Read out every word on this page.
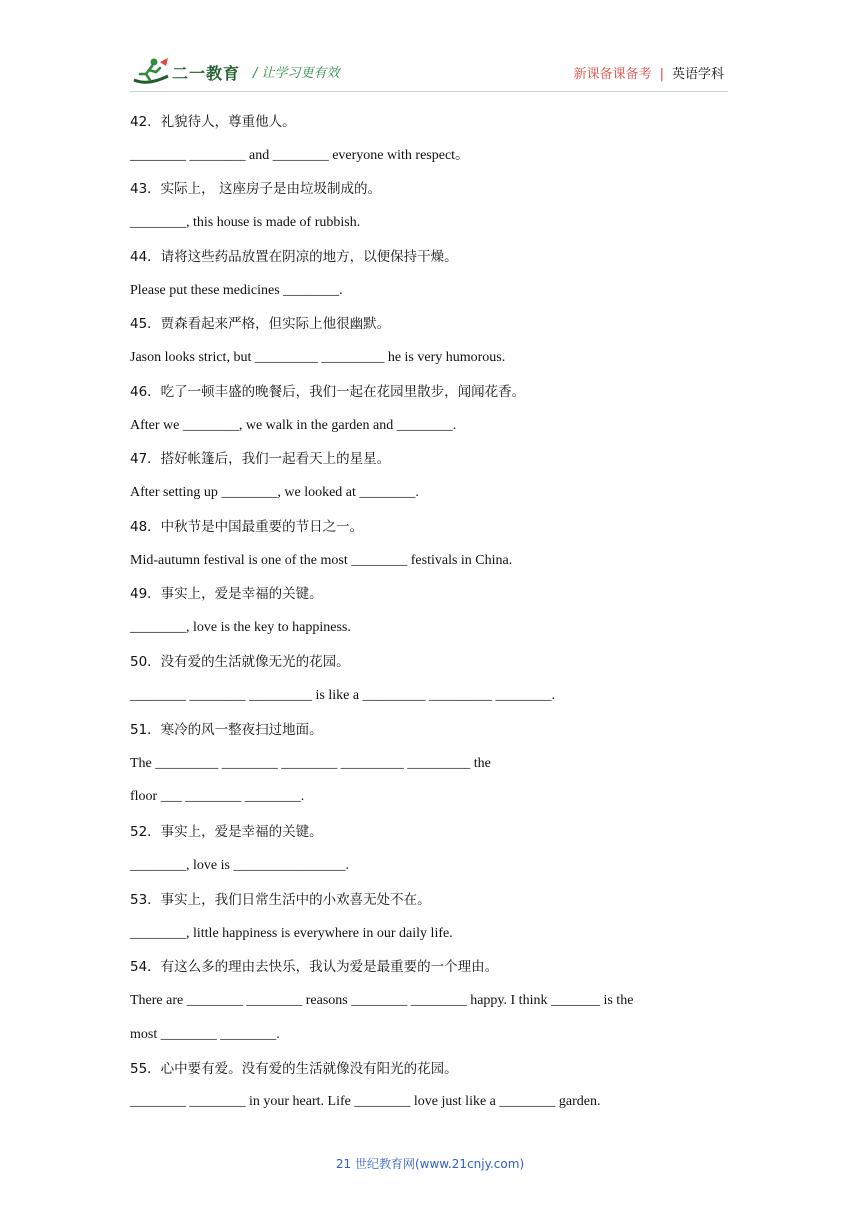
二一教育 / 让学习更有效	新课备课备考 | 英语学科
42．礼貌待人，尊重他人。
________ ________ and ________ everyone with respect。
43．实际上， 这座房子是由垃圾制成的。
________, this house is made of rubbish.
44．请将这些药品放置在阴凉的地方，以便保持干燥。
Please put these medicines ________.
45．贾森看起来严格，但实际上他很幽默。
Jason looks strict, but _________ _________ he is very humorous.
46．吃了一顿丰盛的晚餐后，我们一起在花园里散步，闻闻花香。
After we ________, we walk in the garden and ________.
47．搭好帐篷后，我们一起看天上的星星。
After setting up ________, we looked at ________.
48．中秋节是中国最重要的节日之一。
Mid-autumn festival is one of the most ________ festivals in China.
49．事实上，爱是幸福的关键。
________, love is the key to happiness.
50．没有爱的生活就像无光的花园。
________ ________ _________ is like a _________ _________ ________.
51．寒冷的风一整夜扫过地面。
The _________ ________ ________ _________ _________ the
floor ___ ________ ________.
52．事实上，爱是幸福的关键。
________, love is ________________.
53．事实上，我们日常生活中的小欢喜无处不在。
________, little happiness is everywhere in our daily life.
54．有这么多的理由去快乐，我认为爱是最重要的一个理由。
There are ________ ________ reasons ________ ________ happy. I think _______ is the
most ________ ________.
55．心中要有爱。没有爱的生活就像没有阳光的花园。
________ ________ in your heart. Life ________ love just like a ________ garden.
21 世纪教育网(www.21cnjy.com)
